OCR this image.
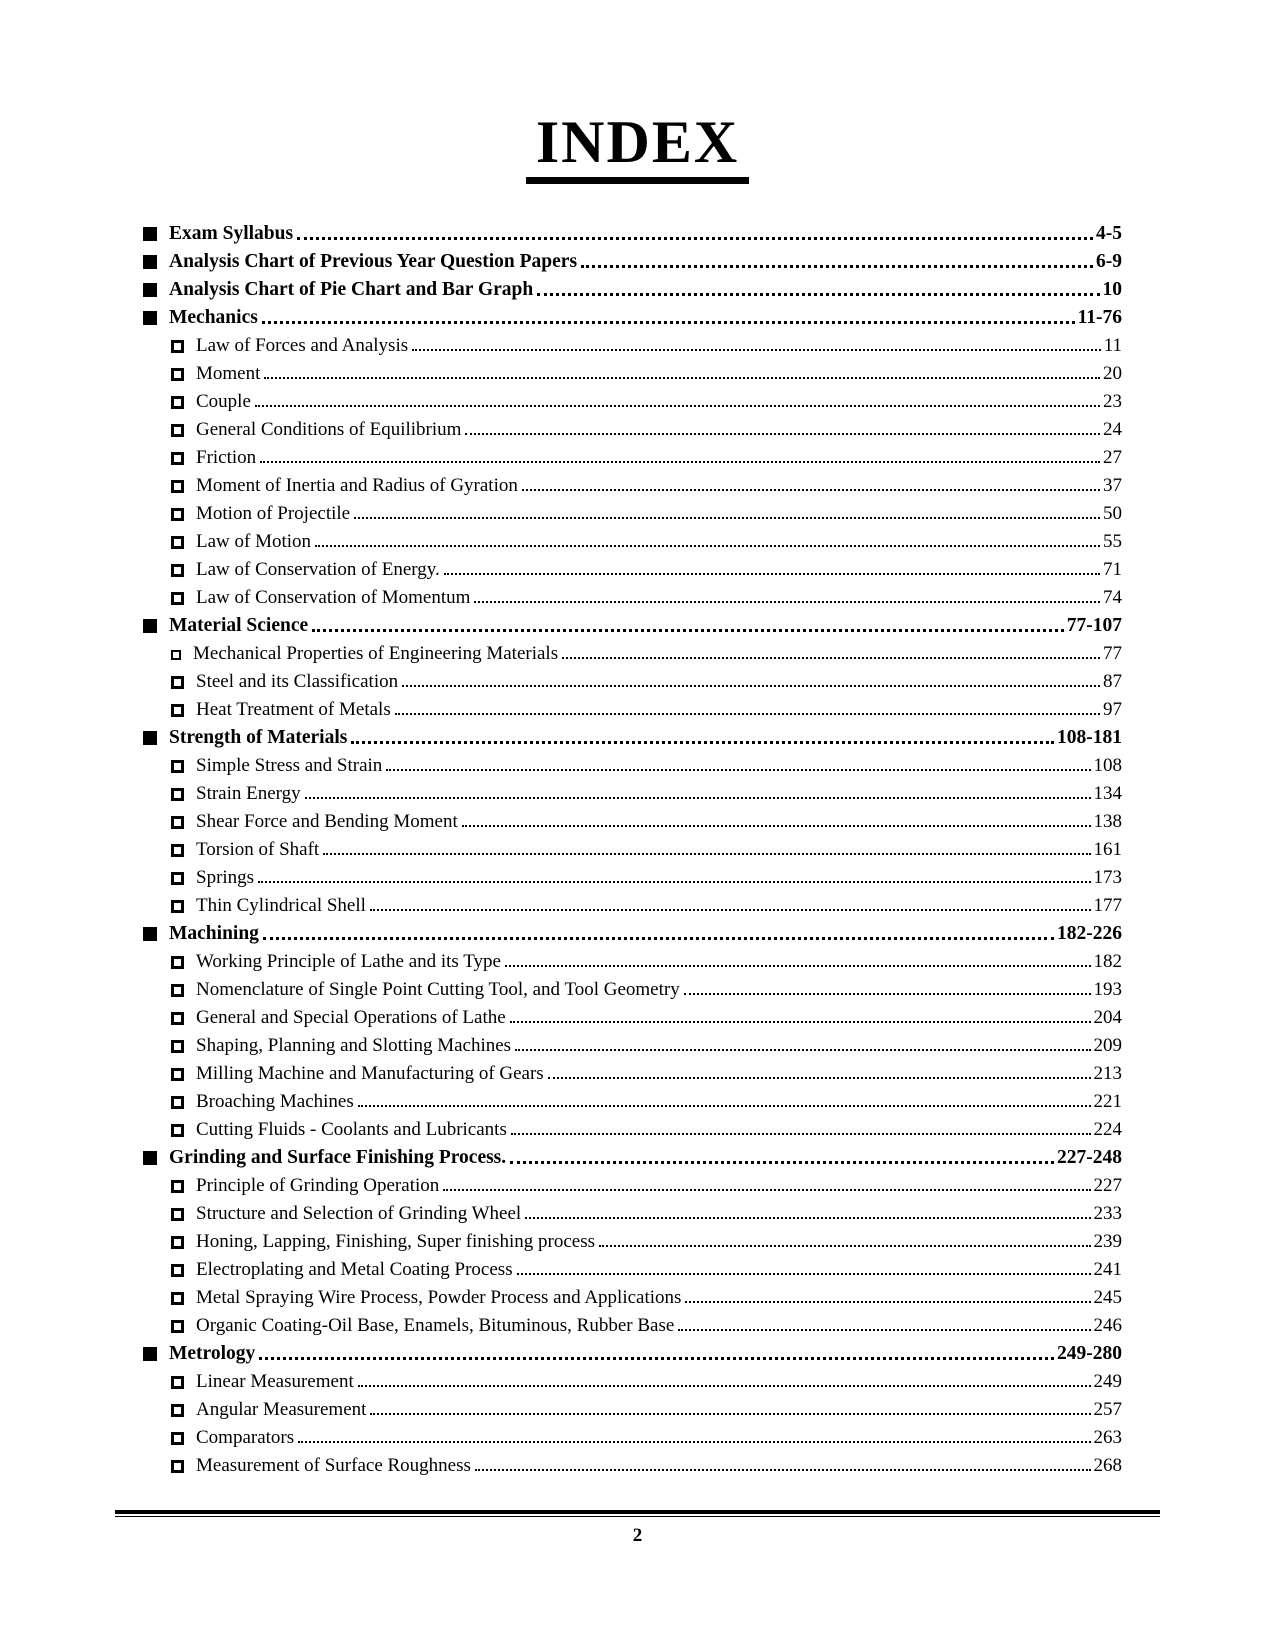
INDEX
Exam Syllabus	4-5
Analysis Chart of Previous Year Question Papers	6-9
Analysis Chart of Pie Chart and Bar Graph	10
Mechanics	11-76
Law of Forces and Analysis	11
Moment	20
Couple	23
General Conditions of Equilibrium	24
Friction	27
Moment of Inertia and Radius of Gyration	37
Motion of Projectile	50
Law of Motion	55
Law of Conservation of Energy.	71
Law of Conservation of Momentum	74
Material Science	77-107
Mechanical Properties of Engineering Materials	77
Steel and its Classification	87
Heat Treatment of Metals	97
Strength of Materials	108-181
Simple Stress and Strain	108
Strain Energy	134
Shear Force and Bending Moment	138
Torsion of Shaft	161
Springs	173
Thin Cylindrical Shell	177
Machining	182-226
Working Principle of Lathe and its Type	182
Nomenclature of Single Point Cutting Tool, and Tool Geometry	193
General and Special Operations of Lathe	204
Shaping, Planning and Slotting Machines	209
Milling Machine and Manufacturing of Gears	213
Broaching Machines	221
Cutting Fluids - Coolants and Lubricants	224
Grinding and Surface Finishing Process.	227-248
Principle of Grinding Operation	227
Structure and Selection of Grinding Wheel	233
Honing, Lapping, Finishing, Super finishing process	239
Electroplating and Metal Coating Process	241
Metal Spraying Wire Process, Powder Process and Applications	245
Organic Coating-Oil Base, Enamels, Bituminous, Rubber Base	246
Metrology	249-280
Linear Measurement	249
Angular Measurement	257
Comparators	263
Measurement of Surface Roughness	268
2
